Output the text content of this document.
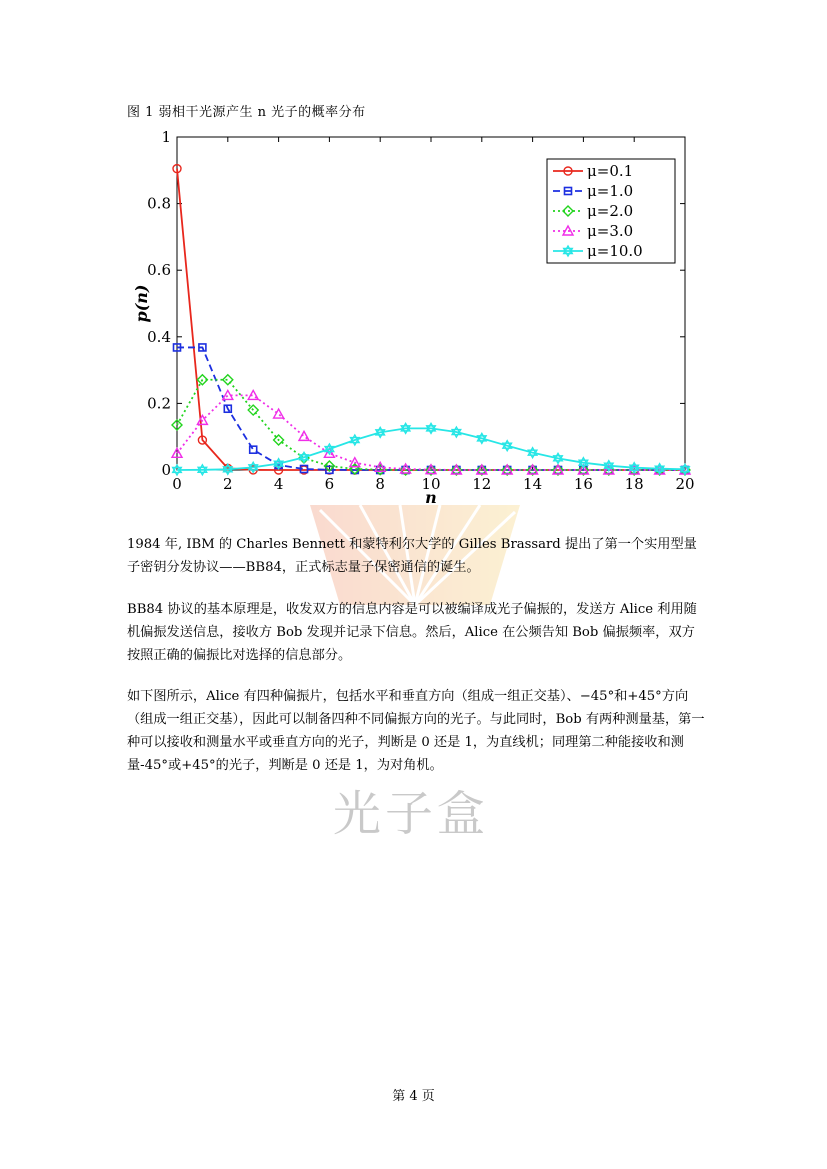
图 1 弱相干光源产生 n 光子的概率分布
光子盒
0	2	4	6	8 10 12 14 16 18 20
0
0.2
0.4
0.6
0.8
1
n
p(n)
μ=0.1
μ=1.0
μ=2.0
μ=3.0
μ=10.0

1984 年, IBM 的 Charles Bennett 和蒙特利尔大学的 Gilles Brassard 提出了第一个实用型量子密钥分发协议——BB84，正式标志量子保密通信的诞生。

BB84 协议的基本原理是，收发双方的信息内容是可以被编译成光子偏振的，发送方 Alice 利用随机偏振发送信息，接收方 Bob 发现并记录下信息。然后，Alice 在公频告知 Bob 偏振频率，双方按照正确的偏振比对选择的信息部分。

如下图所示，Alice 有四种偏振片，包括水平和垂直方向（组成一组正交基）、−45°和+45°方向（组成一组正交基），因此可以制备四种不同偏振方向的光子。与此同时，Bob 有两种测量基，第一种可以接收和测量水平或垂直方向的光子，判断是 0 还是 1，为直线机；同理第二种能接收和测量-45°或+45°的光子，判断是 0 还是 1，为对角机。

第 4 页
